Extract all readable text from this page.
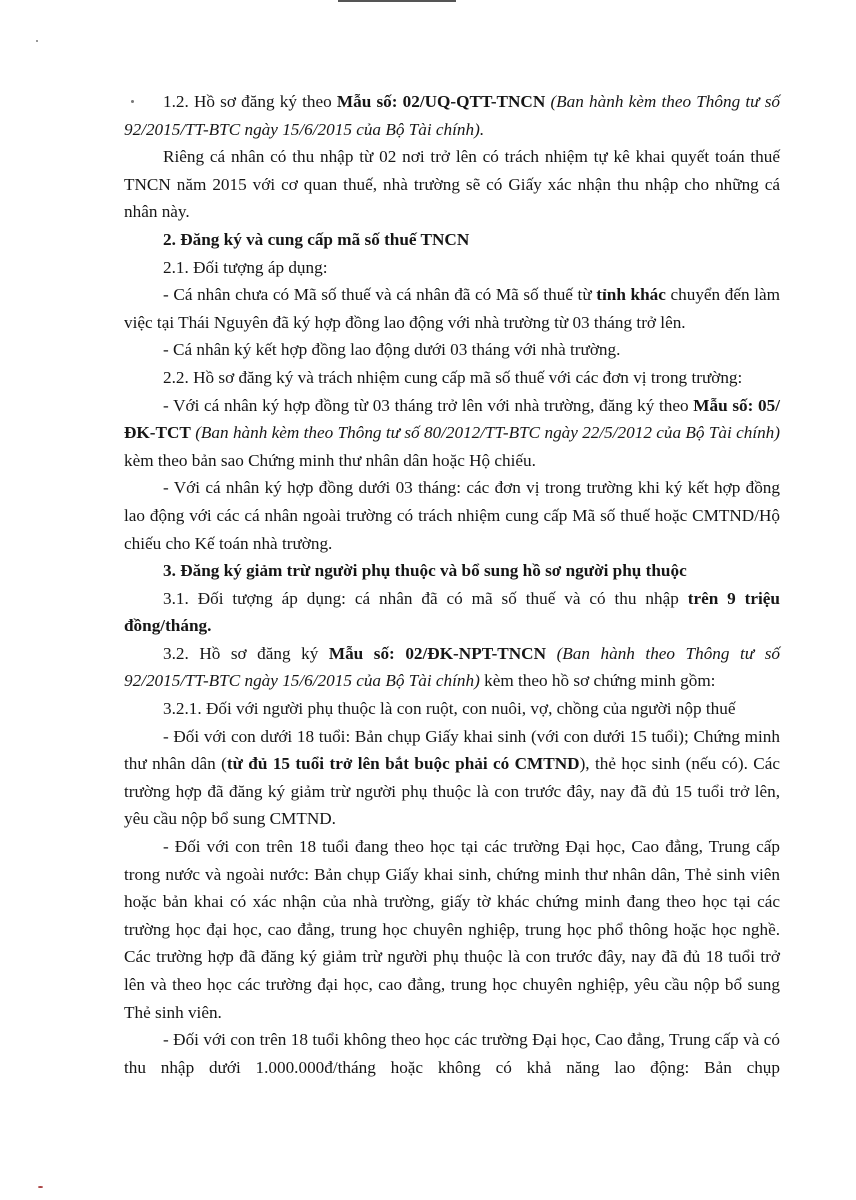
1.2. Hồ sơ đăng ký theo Mẫu số: 02/UQ-QTT-TNCN (Ban hành kèm theo Thông tư số 92/2015/TT-BTC ngày 15/6/2015 của Bộ Tài chính).

Riêng cá nhân có thu nhập từ 02 nơi trở lên có trách nhiệm tự kê khai quyết toán thuế TNCN năm 2015 với cơ quan thuế, nhà trường sẽ có Giấy xác nhận thu nhập cho những cá nhân này.

2. Đăng ký và cung cấp mã số thuế TNCN

2.1. Đối tượng áp dụng:

- Cá nhân chưa có Mã số thuế và cá nhân đã có Mã số thuế từ tỉnh khác chuyển đến làm việc tại Thái Nguyên đã ký hợp đồng lao động với nhà trường từ 03 tháng trở lên.

- Cá nhân ký kết hợp đồng lao động dưới 03 tháng với nhà trường.

2.2. Hồ sơ đăng ký và trách nhiệm cung cấp mã số thuế với các đơn vị trong trường:

- Với cá nhân ký hợp đồng từ 03 tháng trở lên với nhà trường, đăng ký theo Mẫu số: 05/ĐK-TCT (Ban hành kèm theo Thông tư số 80/2012/TT-BTC ngày 22/5/2012 của Bộ Tài chính) kèm theo bản sao Chứng minh thư nhân dân hoặc Hộ chiếu.

- Với cá nhân ký hợp đồng dưới 03 tháng: các đơn vị trong trường khi ký kết hợp đồng lao động với các cá nhân ngoài trường có trách nhiệm cung cấp Mã số thuế hoặc CMTND/Hộ chiếu cho Kế toán nhà trường.

3. Đăng ký giảm trừ người phụ thuộc và bổ sung hồ sơ người phụ thuộc

3.1. Đối tượng áp dụng: cá nhân đã có mã số thuế và có thu nhập trên 9 triệu đồng/tháng.

3.2. Hồ sơ đăng ký Mẫu số: 02/ĐK-NPT-TNCN (Ban hành theo Thông tư số 92/2015/TT-BTC ngày 15/6/2015 của Bộ Tài chính) kèm theo hồ sơ chứng minh gồm:

3.2.1. Đối với người phụ thuộc là con ruột, con nuôi, vợ, chồng của người nộp thuế

- Đối với con dưới 18 tuổi: Bản chụp Giấy khai sinh (với con dưới 15 tuổi); Chứng minh thư nhân dân (từ đủ 15 tuổi trở lên bắt buộc phải có CMTND), thẻ học sinh (nếu có). Các trường hợp đã đăng ký giảm trừ người phụ thuộc là con trước đây, nay đã đủ 15 tuổi trở lên, yêu cầu nộp bổ sung CMTND.

- Đối với con trên 18 tuổi đang theo học tại các trường Đại học, Cao đẳng, Trung cấp trong nước và ngoài nước: Bản chụp Giấy khai sinh, chứng minh thư nhân dân, Thẻ sinh viên hoặc bản khai có xác nhận của nhà trường, giấy tờ khác chứng minh đang theo học tại các trường học đại học, cao đẳng, trung học chuyên nghiệp, trung học phổ thông hoặc học nghề. Các trường hợp đã đăng ký giảm trừ người phụ thuộc là con trước đây, nay đã đủ 18 tuổi trở lên và theo học các trường đại học, cao đẳng, trung học chuyên nghiệp, yêu cầu nộp bổ sung Thẻ sinh viên.

- Đối với con trên 18 tuổi không theo học các trường Đại học, Cao đẳng, Trung cấp và có thu nhập dưới 1.000.000đ/tháng hoặc không có khả năng lao động: Bản chụp
